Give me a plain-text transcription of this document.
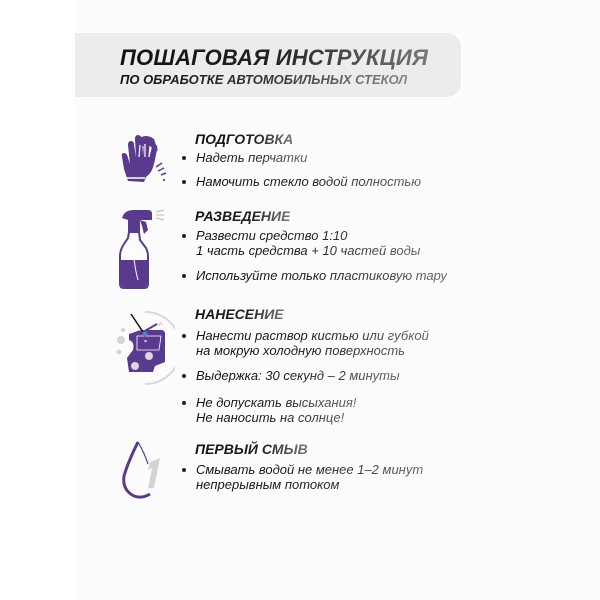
ПОШАГОВАЯ ИНСТРУКЦИЯ
ПО ОБРАБОТКЕ АВТОМОБИЛЬНЫХ СТЕКОЛ
ПОДГОТОВКА
Надеть перчатки
Намочить стекло водой полностью
РАЗВЕДЕНИЕ
Развести средство 1:10
1 часть средства + 10 частей воды
Используйте только пластиковую тару
НАНЕСЕНИЕ
Нанести раствор кистью или губкой
на мокрую холодную поверхность
Выдержка: 30 секунд – 2 минуты
Не допускать высыхания!
Не наносить на солнце!
ПЕРВЫЙ СМЫВ
Смывать водой не менее 1–2 минут
непрерывным потоком
